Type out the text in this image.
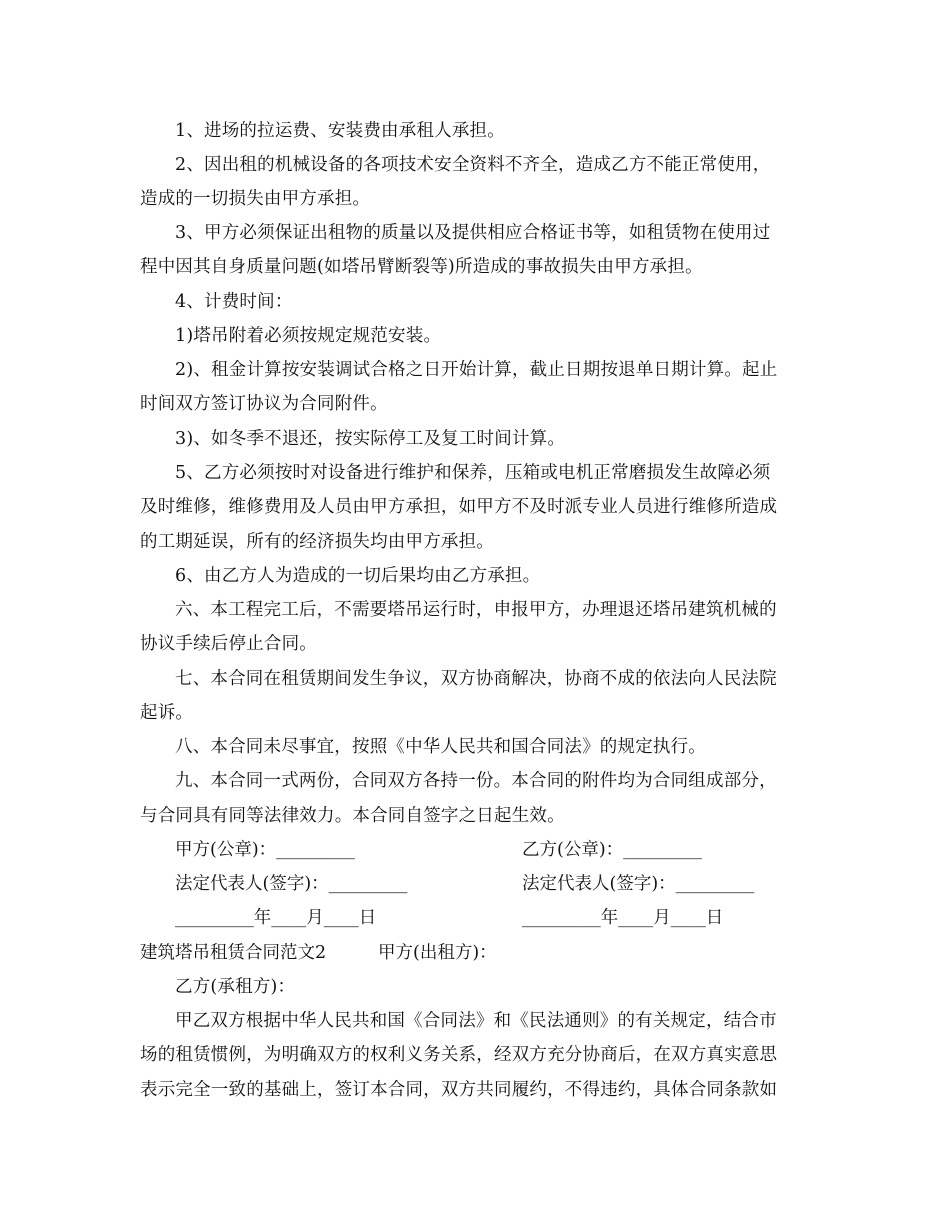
1、进场的拉运费、安装费由承租人承担。
2、因出租的机械设备的各项技术安全资料不齐全，造成乙方不能正常使用，
造成的一切损失由甲方承担。
3、甲方必须保证出租物的质量以及提供相应合格证书等，如租赁物在使用过
程中因其自身质量问题(如塔吊臂断裂等)所造成的事故损失由甲方承担。
4、计费时间：
1)塔吊附着必须按规定规范安装。
2)、租金计算按安装调试合格之日开始计算，截止日期按退单日期计算。起止
时间双方签订协议为合同附件。
3)、如冬季不退还，按实际停工及复工时间计算。
5、乙方必须按时对设备进行维护和保养，压箱或电机正常磨损发生故障必须
及时维修，维修费用及人员由甲方承担，如甲方不及时派专业人员进行维修所造成
的工期延误，所有的经济损失均由甲方承担。
6、由乙方人为造成的一切后果均由乙方承担。
六、本工程完工后，不需要塔吊运行时，申报甲方，办理退还塔吊建筑机械的
协议手续后停止合同。
七、本合同在租赁期间发生争议，双方协商解决，协商不成的依法向人民法院
起诉。
八、本合同未尽事宜，按照《中华人民共和国合同法》的规定执行。
九、本合同一式两份，合同双方各持一份。本合同的附件均为合同组成部分，
与合同具有同等法律效力。本合同自签字之日起生效。
甲方(公章)：_________	乙方(公章)：_________
法定代表人(签字)：_________	法定代表人(签字)：_________
_________年____月____日	_________年____月____日
建筑塔吊租赁合同范文2	甲方(出租方)：
乙方(承租方)：
甲乙双方根据中华人民共和国《合同法》和《民法通则》的有关规定，结合市
场的租赁惯例，为明确双方的权利义务关系，经双方充分协商后，在双方真实意思
表示完全一致的基础上，签订本合同，双方共同履约，不得违约，具体合同条款如
